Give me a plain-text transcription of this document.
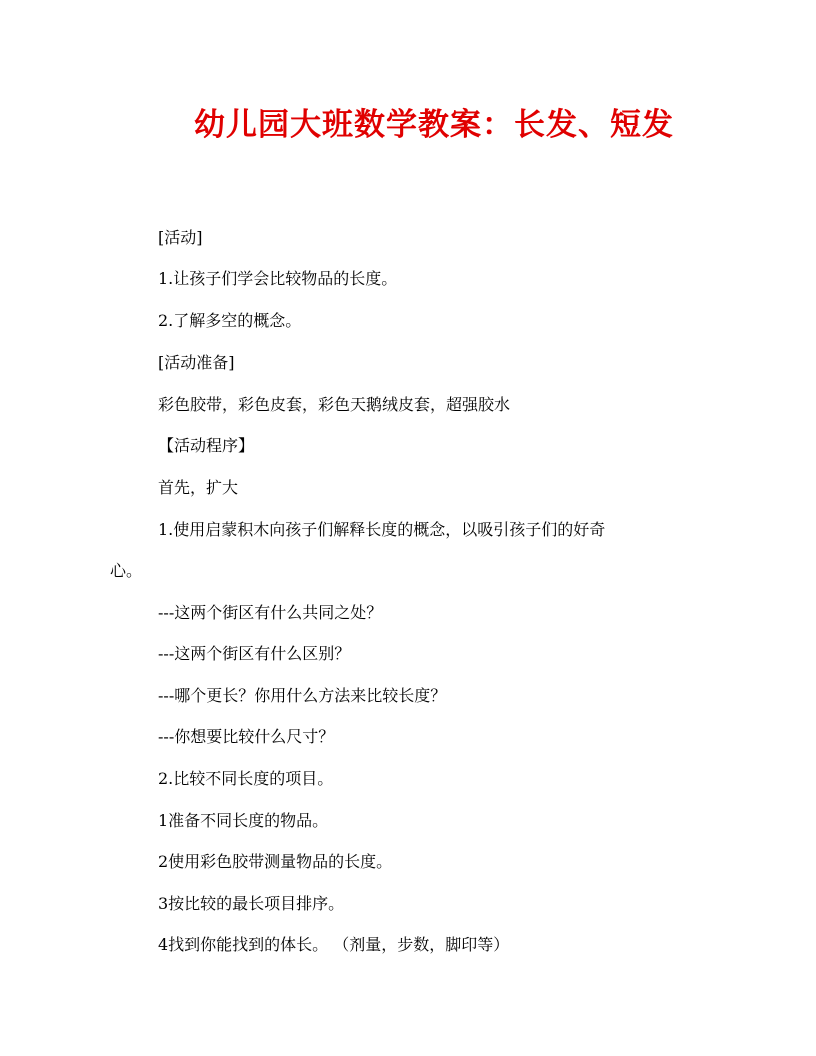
幼儿园大班数学教案：长发、短发

[活动]

1.让孩子们学会比较物品的长度。

2.了解多空的概念。

[活动准备]

彩色胶带，彩色皮套，彩色天鹅绒皮套，超强胶水

【活动程序】

首先，扩大

1.使用启蒙积木向孩子们解释长度的概念，以吸引孩子们的好奇

心。

---这两个街区有什么共同之处？

---这两个街区有什么区别？

---哪个更长？你用什么方法来比较长度？

---你想要比较什么尺寸？

2.比较不同长度的项目。

1准备不同长度的物品。

2使用彩色胶带测量物品的长度。

3按比较的最长项目排序。

4找到你能找到的体长。 （剂量，步数，脚印等）
